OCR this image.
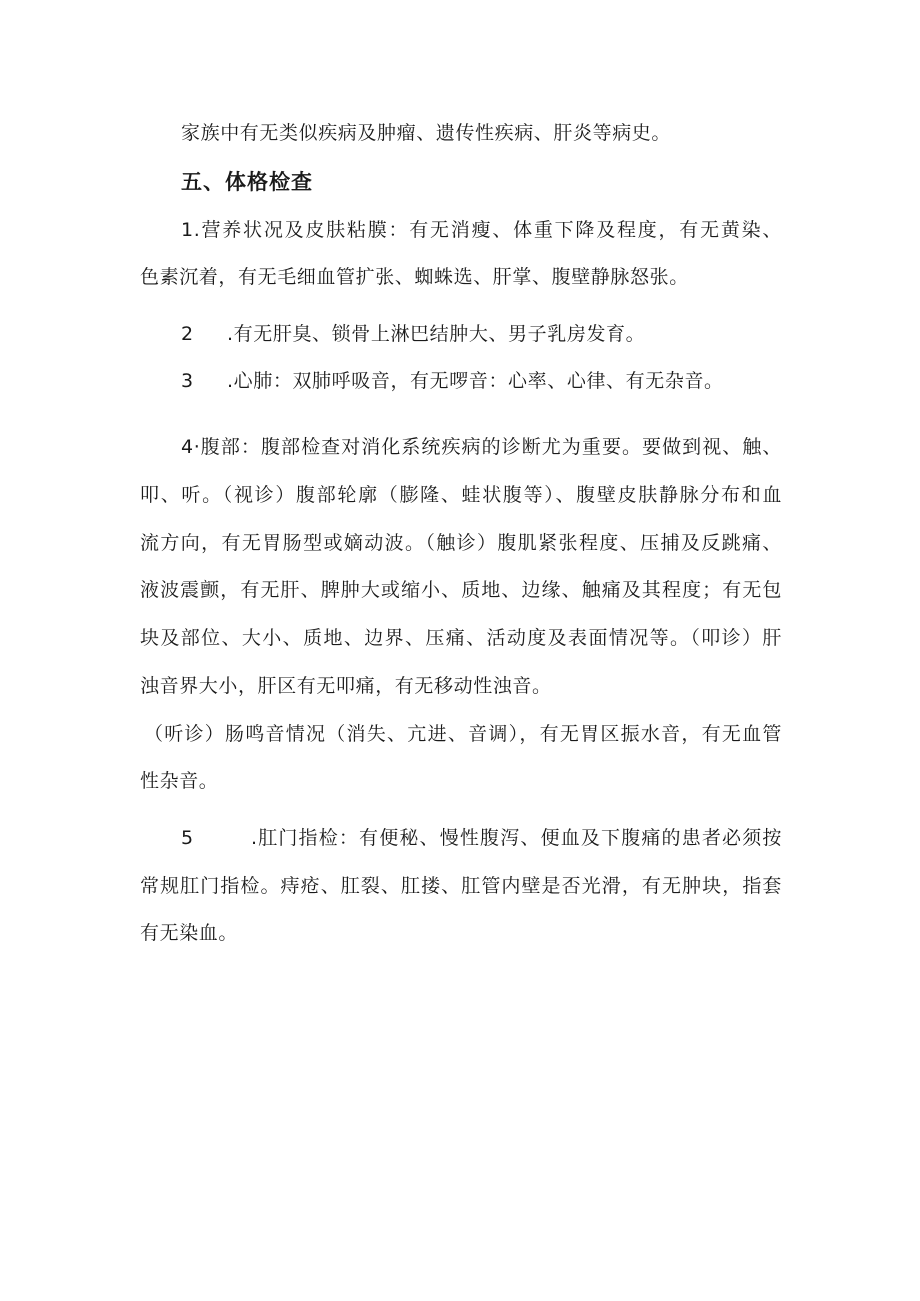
家族中有无类似疾病及肿瘤、遗传性疾病、肝炎等病史。
五、体格检查
1.营养状况及皮肤粘膜：有无消瘦、体重下降及程度，有无黄染、
色素沉着，有无毛细血管扩张、蜘蛛选、肝掌、腹壁静脉怒张。
2 .有无肝臭、锁骨上淋巴结肿大、男子乳房发育。
3 .心肺：双肺呼吸音，有无啰音：心率、心律、有无杂音。
4·腹部：腹部检查对消化系统疾病的诊断尤为重要。要做到视、触、
叩、听。（视诊）腹部轮廓（膨隆、蛙状腹等）、腹壁皮肤静脉分布和血
流方向，有无胃肠型或嫡动波。（触诊）腹肌紧张程度、压捕及反跳痛、
液波震颤，有无肝、脾肿大或缩小、质地、边缘、触痛及其程度；有无包
块及部位、大小、质地、边界、压痛、活动度及表面情况等。（叩诊）肝
浊音界大小，肝区有无叩痛，有无移动性浊音。
（听诊）肠鸣音情况（消失、亢进、音调），有无胃区振水音，有无血管
性杂音。
5	.肛门指检：有便秘、慢性腹泻、便血及下腹痛的患者必须按
常规肛门指检。痔疮、肛裂、肛搂、肛管内壁是否光滑，有无肿块，指套
有无染血。
